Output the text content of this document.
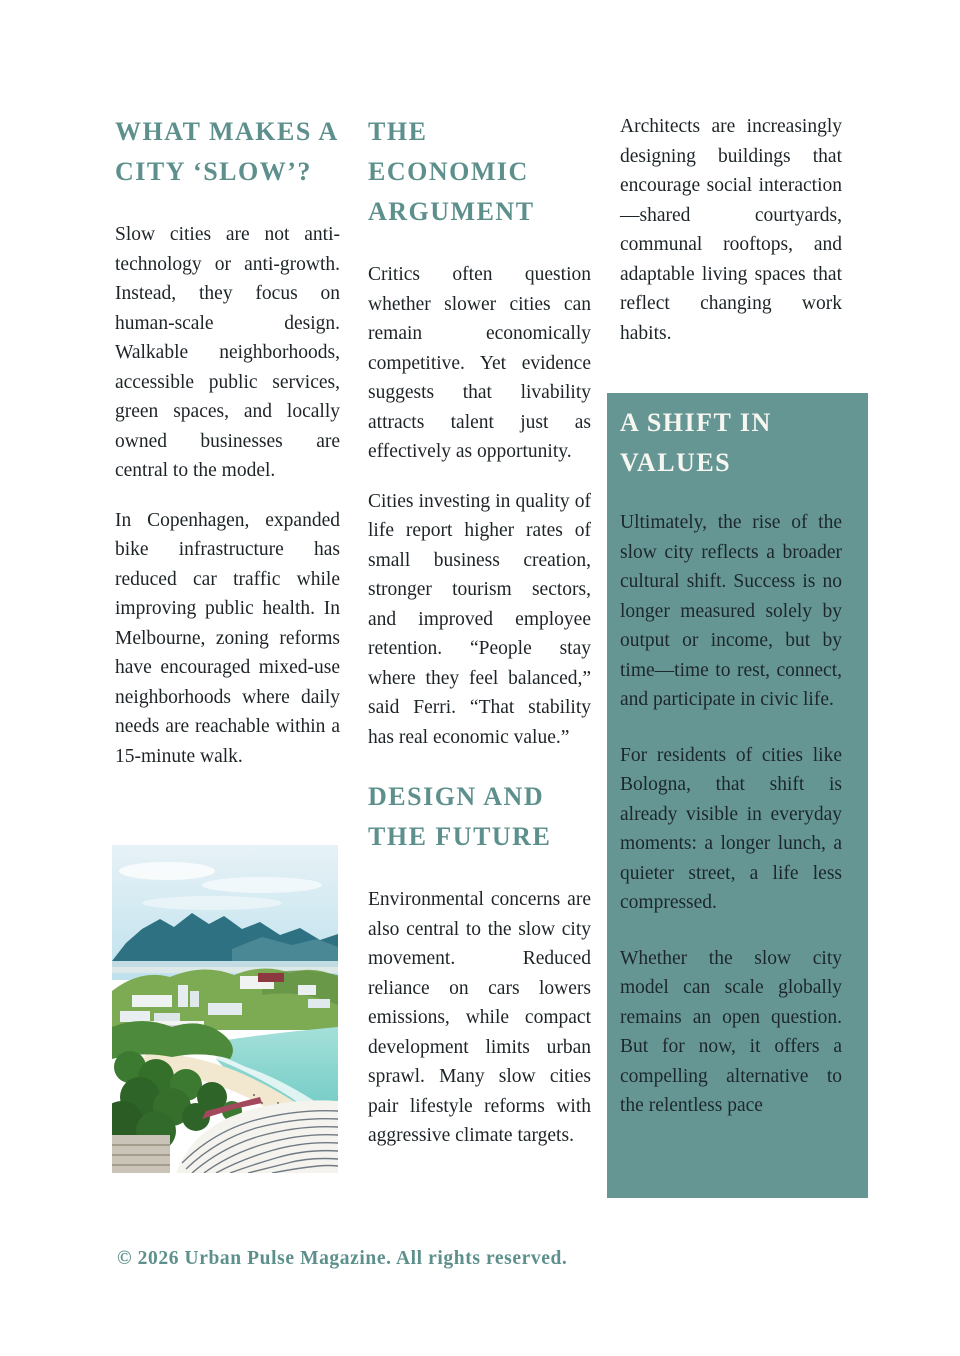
WHAT MAKES A
CITY ‘SLOW’?

Slow cities are not anti-technology or anti-growth. Instead, they focus on human-scale design. Walkable neighborhoods, accessible public services, green spaces, and locally owned businesses are central to the model.

In Copenhagen, expanded bike infrastructure has reduced car traffic while improving public health. In Melbourne, zoning reforms have encouraged mixed-use neighborhoods where daily needs are reachable within a 15-minute walk.

THE ECONOMIC
ARGUMENT

Critics often question whether slower cities can remain economically competitive. Yet evidence suggests that livability attracts talent just as effectively as opportunity.

Cities investing in quality of life report higher rates of small business creation, stronger tourism sectors, and improved employee retention. “People stay where they feel balanced,” said Ferri. “That stability has real economic value.”

DESIGN AND
THE FUTURE

Environmental concerns are also central to the slow city movement. Reduced reliance on cars lowers emissions, while compact development limits urban sprawl. Many slow cities pair lifestyle reforms with aggressive climate targets.

Architects are increasingly designing buildings that encourage social interaction—shared courtyards, communal rooftops, and adaptable living spaces that reflect changing work habits.

A SHIFT IN
VALUES

Ultimately, the rise of the slow city reflects a broader cultural shift. Success is no longer measured solely by output or income, but by time—time to rest, connect, and participate in civic life.

For residents of cities like Bologna, that shift is already visible in everyday moments: a longer lunch, a quieter street, a life less compressed.

Whether the slow city model can scale globally remains an open question. But for now, it offers a compelling alternative to the relentless pace

© 2026 Urban Pulse Magazine. All rights reserved.
